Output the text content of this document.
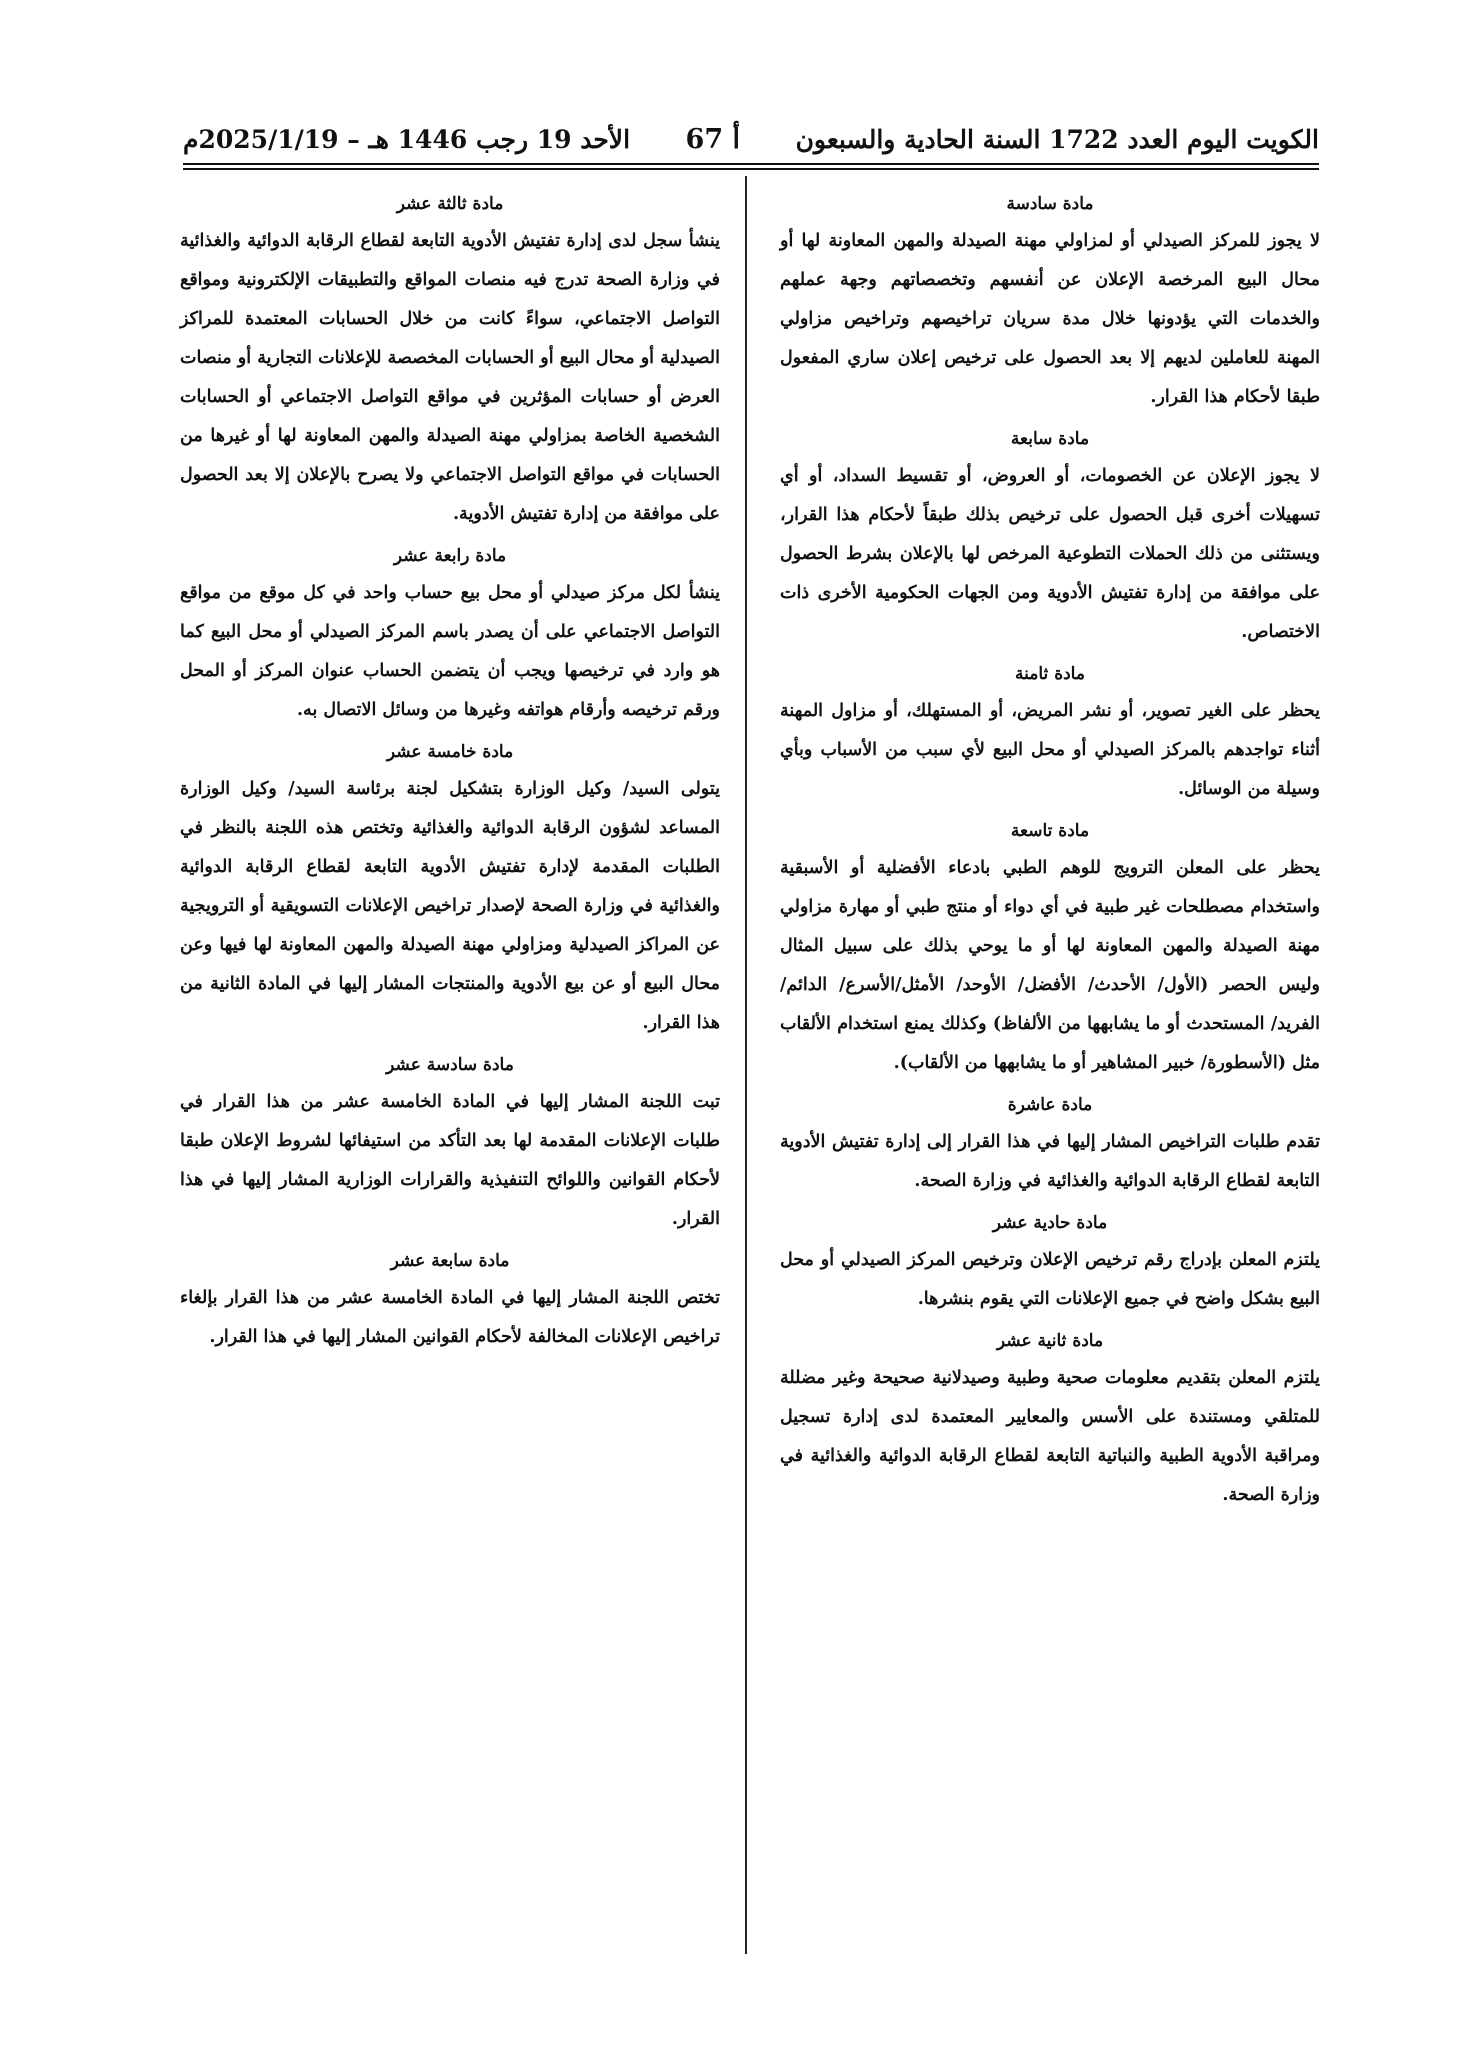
الكويت اليوم العدد 1722 السنة الحادية والسبعون
أ 67
الأحد 19 رجب 1446 هـ – 2025/1/19م
مادة سادسة

لا يجوز للمركز الصيدلي أو لمزاولي مهنة الصيدلة والمهن المعاونة لها أو محال البيع المرخصة الإعلان عن أنفسهم وتخصصاتهم وجهة عملهم والخدمات التي يؤدونها خلال مدة سريان تراخيصهم وتراخيص مزاولي المهنة للعاملين لديهم إلا بعد الحصول على ترخيص إعلان ساري المفعول طبقا لأحكام هذا القرار.

مادة سابعة

لا يجوز الإعلان عن الخصومات، أو العروض، أو تقسيط السداد، أو أي تسهيلات أخرى قبل الحصول على ترخيص بذلك طبقاً لأحكام هذا القرار، ويستثنى من ذلك الحملات التطوعية المرخص لها بالإعلان بشرط الحصول على موافقة من إدارة تفتيش الأدوية ومن الجهات الحكومية الأخرى ذات الاختصاص.

مادة ثامنة

يحظر على الغير تصوير، أو نشر المريض، أو المستهلك، أو مزاول المهنة أثناء تواجدهم بالمركز الصيدلي أو محل البيع لأي سبب من الأسباب وبأي وسيلة من الوسائل.

مادة تاسعة

يحظر على المعلن الترويج للوهم الطبي بادعاء الأفضلية أو الأسبقية واستخدام مصطلحات غير طبية في أي دواء أو منتج طبي أو مهارة مزاولي مهنة الصيدلة والمهن المعاونة لها أو ما يوحي بذلك على سبيل المثال وليس الحصر (الأول/ الأحدث/ الأفضل/ الأوحد/ الأمثل/الأسرع/ الدائم/ الفريد/ المستحدث أو ما يشابهها من الألفاظ) وكذلك يمنع استخدام الألقاب مثل (الأسطورة/ خبير المشاهير أو ما يشابهها من الألقاب).

مادة عاشرة

تقدم طلبات التراخيص المشار إليها في هذا القرار إلى إدارة تفتيش الأدوية التابعة لقطاع الرقابة الدوائية والغذائية في وزارة الصحة.

مادة حادية عشر

يلتزم المعلن بإدراج رقم ترخيص الإعلان وترخيص المركز الصيدلي أو محل البيع بشكل واضح في جميع الإعلانات التي يقوم بنشرها.

مادة ثانية عشر

يلتزم المعلن بتقديم معلومات صحية وطبية وصيدلانية صحيحة وغير مضللة للمتلقي ومستندة على الأسس والمعايير المعتمدة لدى إدارة تسجيل ومراقبة الأدوية الطبية والنباتية التابعة لقطاع الرقابة الدوائية والغذائية في وزارة الصحة.

مادة ثالثة عشر

ينشأ سجل لدى إدارة تفتيش الأدوية التابعة لقطاع الرقابة الدوائية والغذائية في وزارة الصحة تدرج فيه منصات المواقع والتطبيقات الإلكترونية ومواقع التواصل الاجتماعي، سواءً كانت من خلال الحسابات المعتمدة للمراكز الصيدلية أو محال البيع أو الحسابات المخصصة للإعلانات التجارية أو منصات العرض أو حسابات المؤثرين في مواقع التواصل الاجتماعي أو الحسابات الشخصية الخاصة بمزاولي مهنة الصيدلة والمهن المعاونة لها أو غيرها من الحسابات في مواقع التواصل الاجتماعي ولا يصرح بالإعلان إلا بعد الحصول على موافقة من إدارة تفتيش الأدوية.

مادة رابعة عشر

ينشأ لكل مركز صيدلي أو محل بيع حساب واحد في كل موقع من مواقع التواصل الاجتماعي على أن يصدر باسم المركز الصيدلي أو محل البيع كما هو وارد في ترخيصها ويجب أن يتضمن الحساب عنوان المركز أو المحل ورقم ترخيصه وأرقام هواتفه وغيرها من وسائل الاتصال به.

مادة خامسة عشر

يتولى السيد/ وكيل الوزارة بتشكيل لجنة برئاسة السيد/ وكيل الوزارة المساعد لشؤون الرقابة الدوائية والغذائية وتختص هذه اللجنة بالنظر في الطلبات المقدمة لإدارة تفتيش الأدوية التابعة لقطاع الرقابة الدوائية والغذائية في وزارة الصحة لإصدار تراخيص الإعلانات التسويقية أو الترويجية عن المراكز الصيدلية ومزاولي مهنة الصيدلة والمهن المعاونة لها فيها وعن محال البيع أو عن بيع الأدوية والمنتجات المشار إليها في المادة الثانية من هذا القرار.

مادة سادسة عشر

تبت اللجنة المشار إليها في المادة الخامسة عشر من هذا القرار في طلبات الإعلانات المقدمة لها بعد التأكد من استيفائها لشروط الإعلان طبقا لأحكام القوانين واللوائح التنفيذية والقرارات الوزارية المشار إليها في هذا القرار.

مادة سابعة عشر

تختص اللجنة المشار إليها في المادة الخامسة عشر من هذا القرار بإلغاء تراخيص الإعلانات المخالفة لأحكام القوانين المشار إليها في هذا القرار.
